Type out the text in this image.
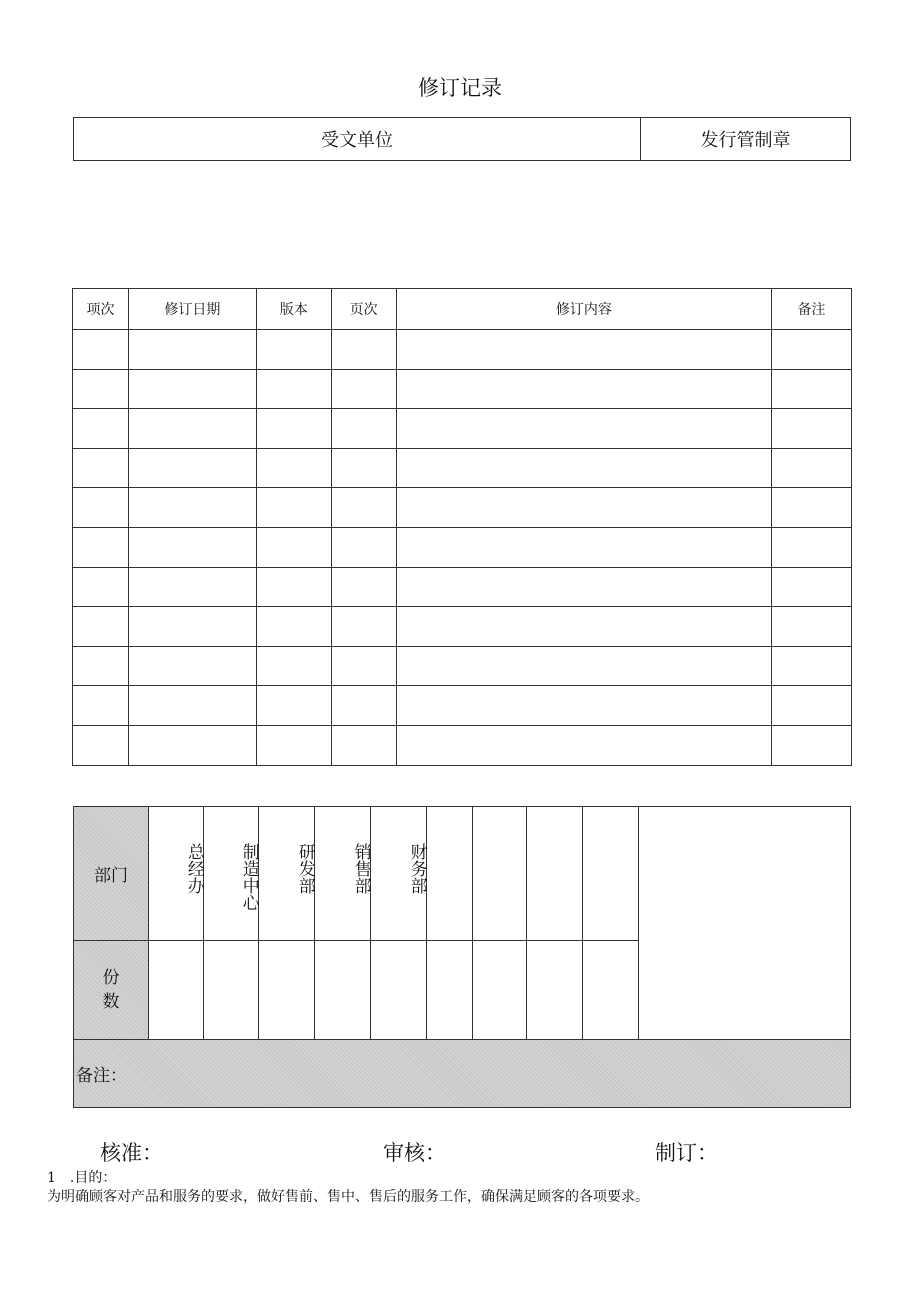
修订记录
受文单位	发行管制章
项次	修订日期	版本	页次	修订内容	备注

部门	总经办	制造中心	研发部	销售部	财务部					
份数										
备注：										
核准：	审核：	制订：
1　.目的：
为明确顾客对产品和服务的要求，做好售前、售中、售后的服务工作，确保满足顾客的各项要求。
